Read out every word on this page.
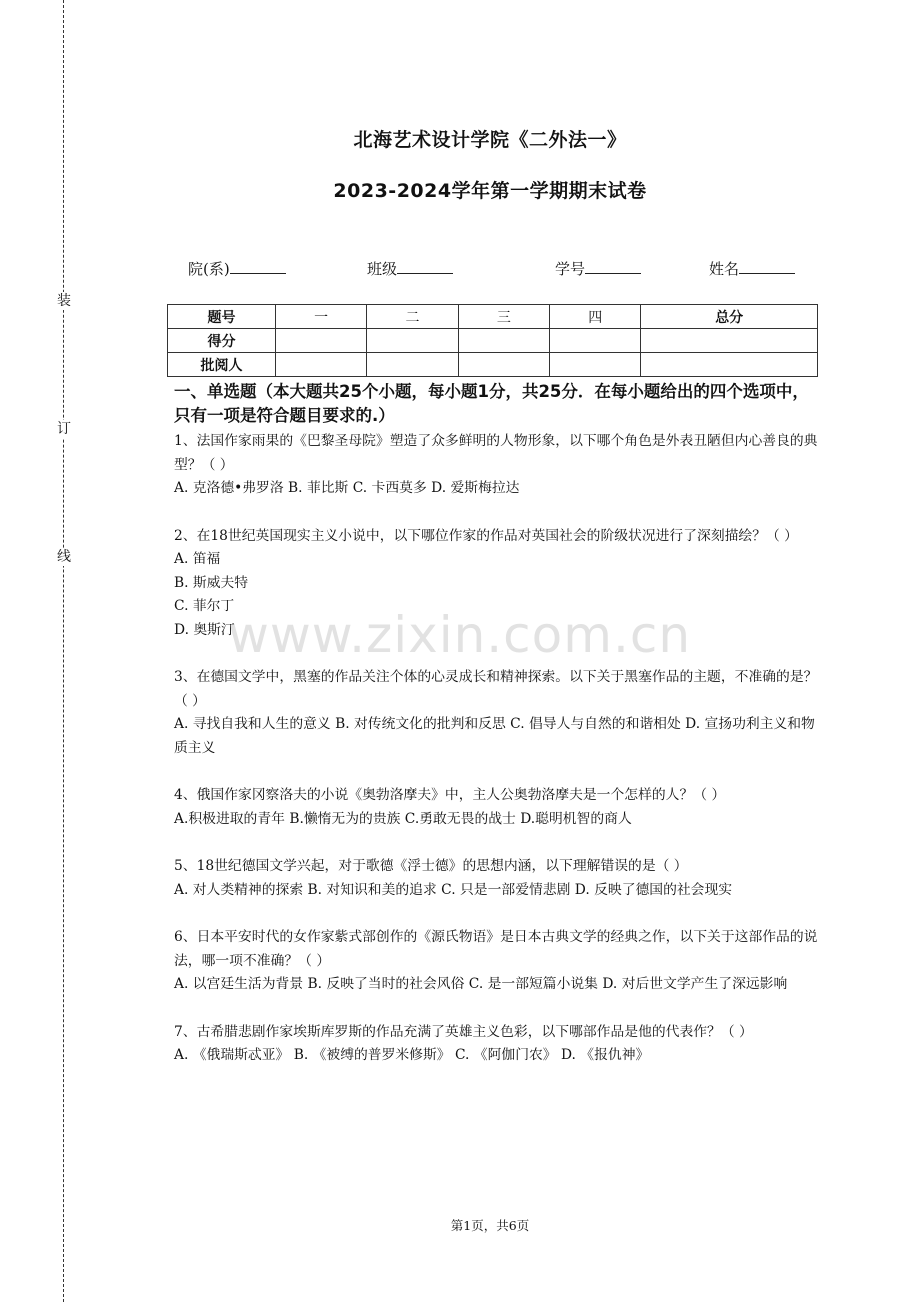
装
订
线
北海艺术设计学院《二外法一》
2023-2024学年第一学期期末试卷
院(系)	班级	学号	姓名
题号	一	二	三	四	总分
得分					
批阅人					
一、单选题（本大题共25个小题，每小题1分，共25分．在每小题给出的四个选项中，只有一项是符合题目要求的.）

1、法国作家雨果的《巴黎圣母院》塑造了众多鲜明的人物形象，以下哪个角色是外表丑陋但内心善良的典型？（ ）

A. 克洛德•弗罗洛 B. 菲比斯 C. 卡西莫多 D. 爱斯梅拉达

2、在18世纪英国现实主义小说中，以下哪位作家的作品对英国社会的阶级状况进行了深刻描绘？（ ）

A. 笛福
B. 斯威夫特
C. 菲尔丁
D. 奥斯汀

3、在德国文学中，黑塞的作品关注个体的心灵成长和精神探索。以下关于黑塞作品的主题，不准确的是？（ ）

A. 寻找自我和人生的意义 B. 对传统文化的批判和反思 C. 倡导人与自然的和谐相处 D. 宣扬功利主义和物质主义

4、俄国作家冈察洛夫的小说《奥勃洛摩夫》中，主人公奥勃洛摩夫是一个怎样的人？（ ）

A.积极进取的青年 B.懒惰无为的贵族 C.勇敢无畏的战士 D.聪明机智的商人

5、18世纪德国文学兴起，对于歌德《浮士德》的思想内涵，以下理解错误的是（ ）

A. 对人类精神的探索 B. 对知识和美的追求 C. 只是一部爱情悲剧 D. 反映了德国的社会现实

6、日本平安时代的女作家紫式部创作的《源氏物语》是日本古典文学的经典之作，以下关于这部作品的说法，哪一项不准确？（ ）

A. 以宫廷生活为背景 B. 反映了当时的社会风俗 C. 是一部短篇小说集 D. 对后世文学产生了深远影响

7、古希腊悲剧作家埃斯库罗斯的作品充满了英雄主义色彩，以下哪部作品是他的代表作？（ ）

A. 《俄瑞斯忒亚》 B. 《被缚的普罗米修斯》 C. 《阿伽门农》 D. 《报仇神》
www.zixin.com.cn
第1页，共6页
